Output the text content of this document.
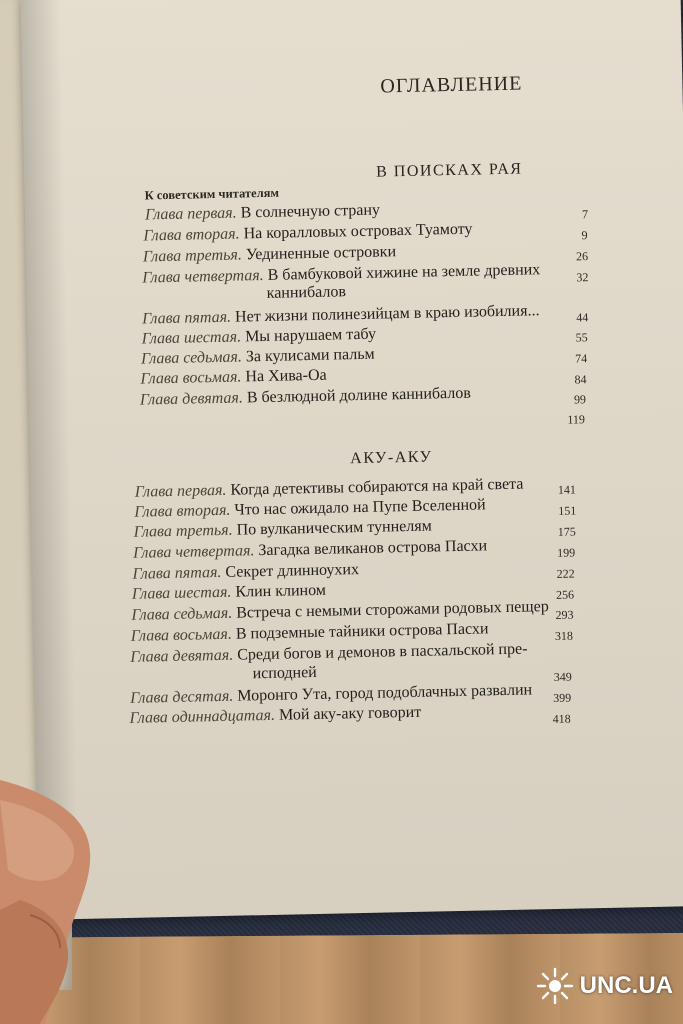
ОГЛАВЛЕНИЕ
В ПОИСКАХ РАЯ
К советским читателям
Глава первая. В солнечную страну
Глава вторая. На коралловых островах Туамоту
Глава третья. Уединенные островки
Глава четвертая. В бамбуковой хижине на земле древних
каннибалов
Глава пятая. Нет жизни полинезийцам в краю изобилия...
Глава шестая. Мы нарушаем табу
Глава седьмая. За кулисами пальм
Глава восьмая. На Хива-Оа
Глава девятая. В безлюдной долине каннибалов
7
9
26
32
44
55
74
84
99
119
АКУ-АКУ
Глава первая. Когда детективы собираются на край света
Глава вторая. Что нас ожидало на Пупе Вселенной
Глава третья. По вулканическим туннелям
Глава четвертая. Загадка великанов острова Пасхи
Глава пятая. Секрет длинноухих
Глава шестая. Клин клином
Глава седьмая. Встреча с немыми сторожами родовых пещер
Глава восьмая. В подземные тайники острова Пасхи
Глава девятая. Среди богов и демонов в пасхальской пре-
исподней
Глава десятая. Моронго Ута, город подоблачных развалин
Глава одиннадцатая. Мой аку-аку говорит
141
151
175
199
222
256
293
318
349
399
418
UNC.UA
